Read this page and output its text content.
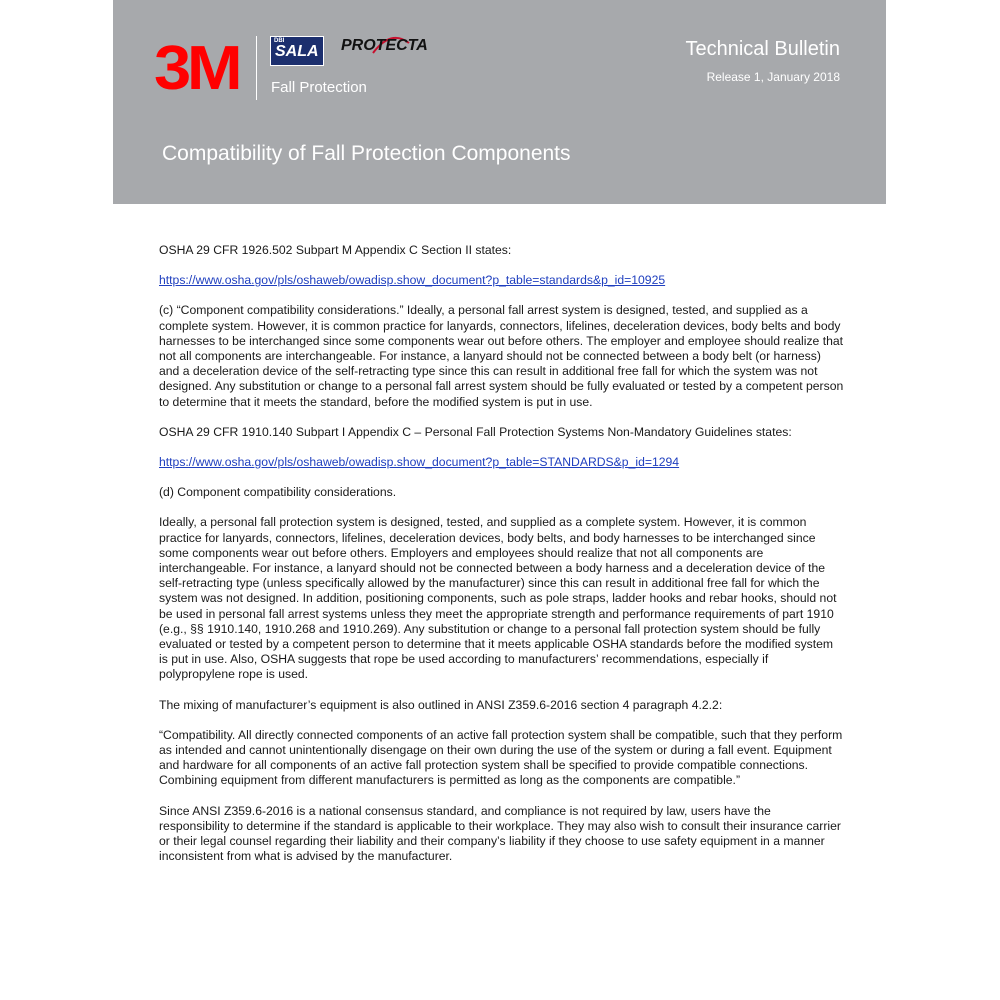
3M	DBI
SALA PROTECTA
Fall Protection
Technical Bulletin
Release 1, January 2018
Compatibility of Fall Protection Components

OSHA 29 CFR 1926.502 Subpart M Appendix C Section II states:

https://www.osha.gov/pls/oshaweb/owadisp.show_document?p_table=standards&p_id=10925

(c) “Component compatibility considerations.” Ideally, a personal fall arrest system is designed, tested, and supplied as a complete system. However, it is common practice for lanyards, connectors, lifelines, deceleration devices, body belts and body harnesses to be interchanged since some components wear out before others. The employer and employee should realize that not all components are interchangeable. For instance, a lanyard should not be connected between a body belt (or harness) and a deceleration device of the self-retracting type since this can result in additional free fall for which the system was not designed. Any substitution or change to a personal fall arrest system should be fully evaluated or tested by a competent person to determine that it meets the standard, before the modified system is put in use.

OSHA 29 CFR 1910.140 Subpart I Appendix C – Personal Fall Protection Systems Non-Mandatory Guidelines states:

https://www.osha.gov/pls/oshaweb/owadisp.show_document?p_table=STANDARDS&p_id=1294

(d) Component compatibility considerations.

Ideally, a personal fall protection system is designed, tested, and supplied as a complete system. However, it is common practice for lanyards, connectors, lifelines, deceleration devices, body belts, and body harnesses to be interchanged since some components wear out before others. Employers and employees should realize that not all components are interchangeable. For instance, a lanyard should not be connected between a body harness and a deceleration device of the self-retracting type (unless specifically allowed by the manufacturer) since this can result in additional free fall for which the system was not designed. In addition, positioning components, such as pole straps, ladder hooks and rebar hooks, should not be used in personal fall arrest systems unless they meet the appropriate strength and performance requirements of part 1910 (e.g., §§ 1910.140, 1910.268 and 1910.269). Any substitution or change to a personal fall protection system should be fully evaluated or tested by a competent person to determine that it meets applicable OSHA standards before the modified system is put in use. Also, OSHA suggests that rope be used according to manufacturers’ recommendations, especially if polypropylene rope is used.

The mixing of manufacturer’s equipment is also outlined in ANSI Z359.6-2016 section 4 paragraph 4.2.2:

“Compatibility. All directly connected components of an active fall protection system shall be compatible, such that they perform as intended and cannot unintentionally disengage on their own during the use of the system or during a fall event. Equipment and hardware for all components of an active fall protection system shall be specified to provide compatible connections. Combining equipment from different manufacturers is permitted as long as the components are compatible.”

Since ANSI Z359.6-2016 is a national consensus standard, and compliance is not required by law, users have the responsibility to determine if the standard is applicable to their workplace. They may also wish to consult their insurance carrier or their legal counsel regarding their liability and their company’s liability if they choose to use safety equipment in a manner inconsistent from what is advised by the manufacturer.
